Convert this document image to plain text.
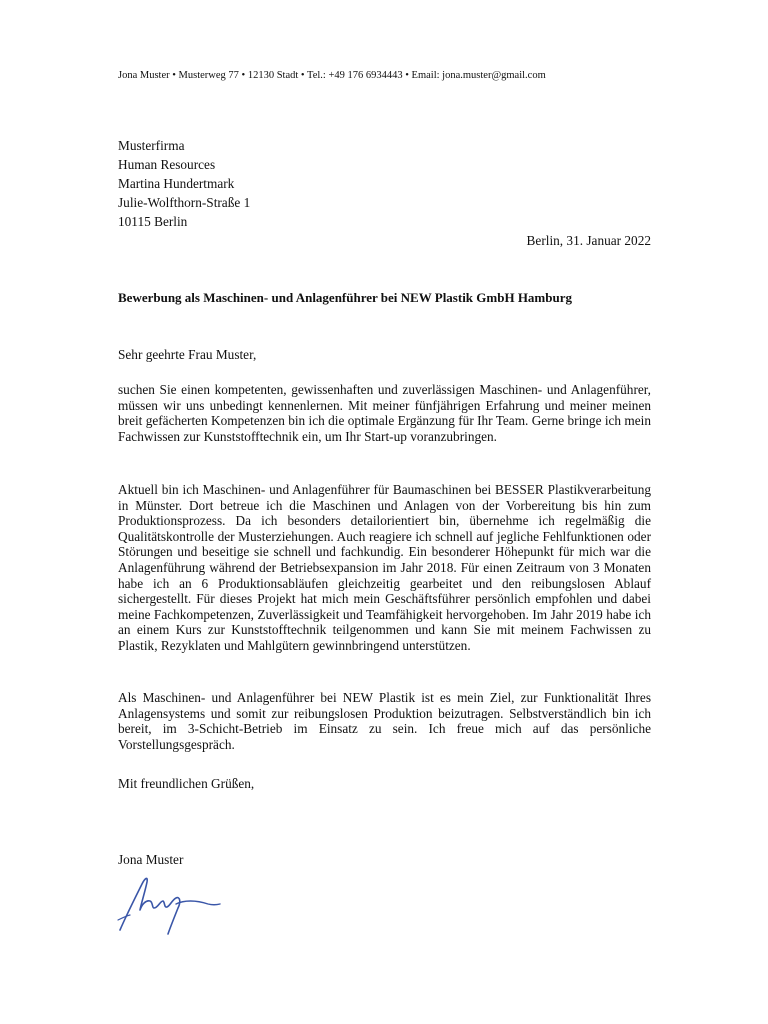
Jona Muster • Musterweg 77 • 12130 Stadt • Tel.: +49 176 6934443 • Email: jona.muster@gmail.com
Musterfirma
Human Resources
Martina Hundertmark
Julie-Wolfthorn-Straße 1
10115 Berlin
Berlin, 31. Januar 2022
Bewerbung als Maschinen- und Anlagenführer bei NEW Plastik GmbH Hamburg
Sehr geehrte Frau Muster,
suchen Sie einen kompetenten, gewissenhaften und zuverlässigen Maschinen- und Anlagenführer, müssen wir uns unbedingt kennenlernen. Mit meiner fünfjährigen Erfahrung und meiner meinen breit gefächerten Kompetenzen bin ich die optimale Ergänzung für Ihr Team. Gerne bringe ich mein Fachwissen zur Kunststofftechnik ein, um Ihr Start-up voranzubringen.
Aktuell bin ich Maschinen- und Anlagenführer für Baumaschinen bei BESSER Plastikverarbeitung in Münster. Dort betreue ich die Maschinen und Anlagen von der Vorbereitung bis hin zum Produktionsprozess. Da ich besonders detailorientiert bin, übernehme ich regelmäßig die Qualitätskontrolle der Musterziehungen. Auch reagiere ich schnell auf jegliche Fehlfunktionen oder Störungen und beseitige sie schnell und fachkundig. Ein besonderer Höhepunkt für mich war die Anlagenführung während der Betriebsexpansion im Jahr 2018. Für einen Zeitraum von 3 Monaten habe ich an 6 Produktionsabläufen gleichzeitig gearbeitet und den reibungslosen Ablauf sichergestellt. Für dieses Projekt hat mich mein Geschäftsführer persönlich empfohlen und dabei meine Fachkompetenzen, Zuverlässigkeit und Teamfähigkeit hervorgehoben. Im Jahr 2019 habe ich an einem Kurs zur Kunststofftechnik teilgenommen und kann Sie mit meinem Fachwissen zu Plastik, Rezyklaten und Mahlgütern gewinnbringend unterstützen.
Als Maschinen- und Anlagenführer bei NEW Plastik ist es mein Ziel, zur Funktionalität Ihres Anlagensystems und somit zur reibungslosen Produktion beizutragen. Selbstverständlich bin ich bereit, im 3-Schicht-Betrieb im Einsatz zu sein. Ich freue mich auf das persönliche Vorstellungsgespräch.
Mit freundlichen Grüßen,
Jona Muster
